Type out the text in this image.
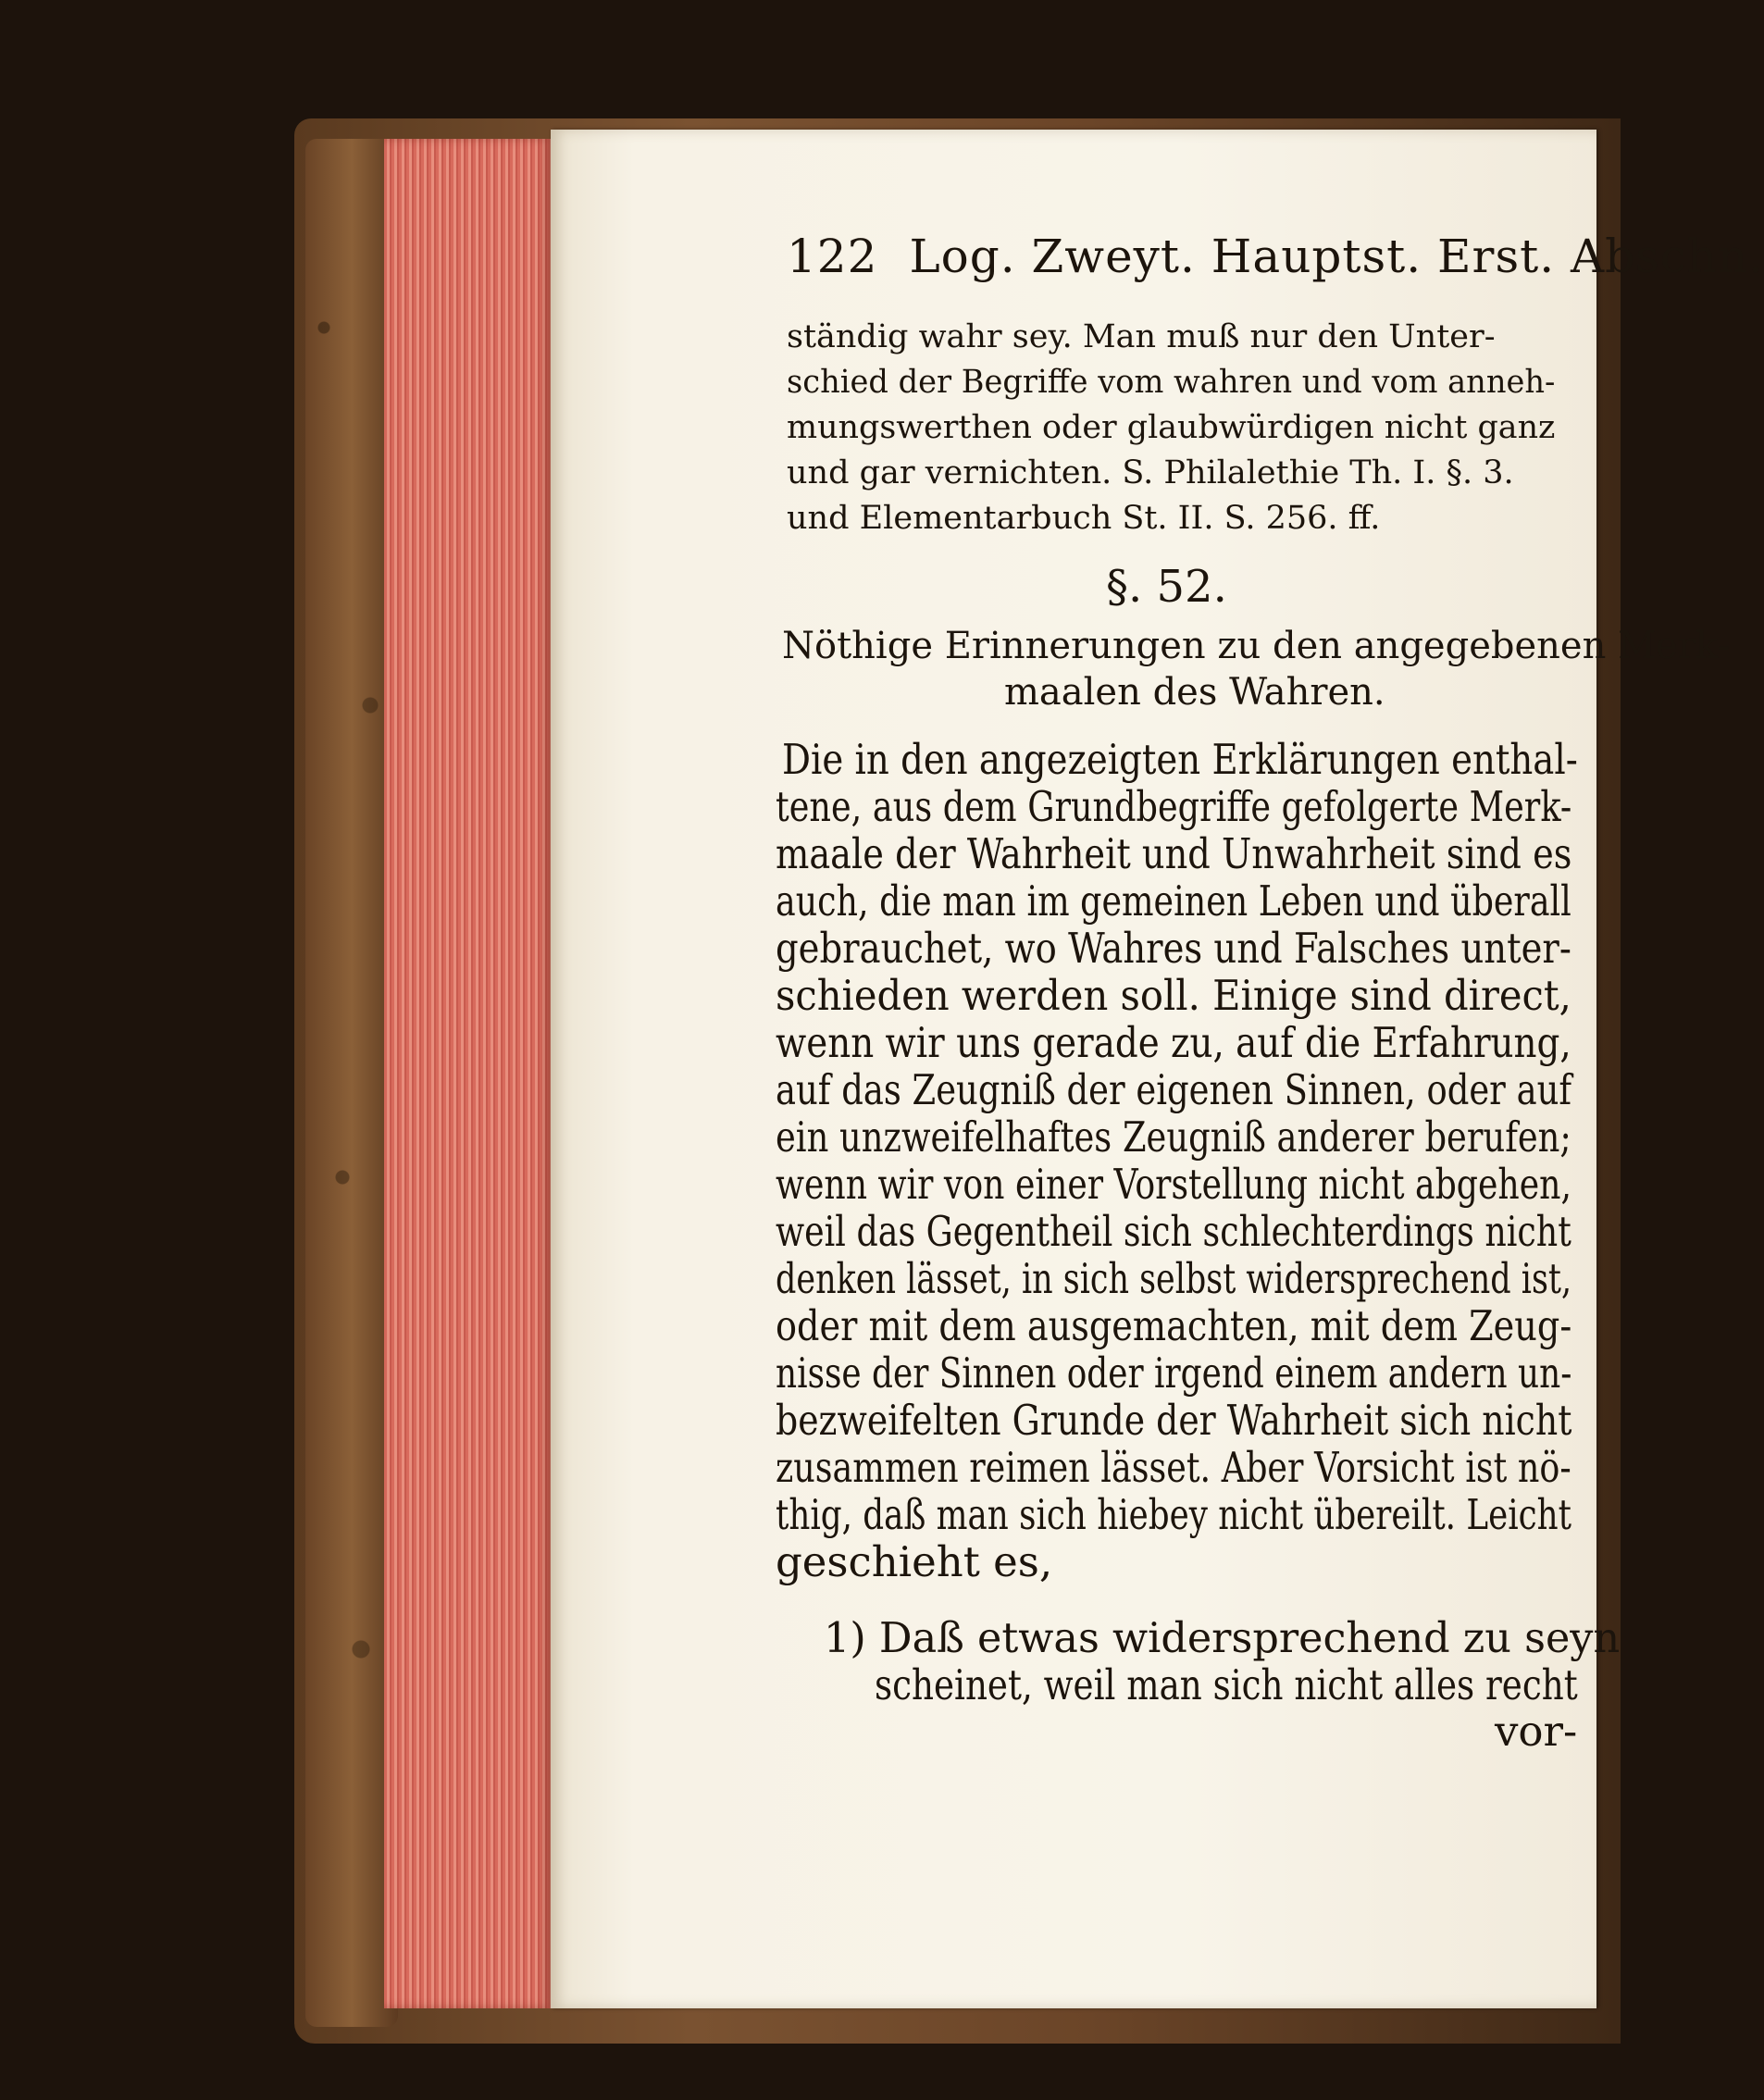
122 Log. Zweyt. Hauptst. Erst. Abschn.
ständig wahr sey. Man muß nur den Unter-
schied der Begriffe vom wahren und vom anneh-
mungswerthen oder glaubwürdigen nicht ganz
und gar vernichten. S. Philalethie Th. I. §. 3.
und Elementarbuch St. II. S. 256. ff.
§. 52.
Nöthige Erinnerungen zu den angegebenen Merk-
maalen des Wahren.
Die in den angezeigten Erklärungen enthal-
tene, aus dem Grundbegriffe gefolgerte Merk-
maale der Wahrheit und Unwahrheit sind es
auch, die man im gemeinen Leben und überall
gebrauchet, wo Wahres und Falsches unter-
schieden werden soll. Einige sind direct,
wenn wir uns gerade zu, auf die Erfahrung,
auf das Zeugniß der eigenen Sinnen, oder auf
ein unzweifelhaftes Zeugniß anderer berufen;
wenn wir von einer Vorstellung nicht abgehen,
weil das Gegentheil sich schlechterdings nicht
denken lässet, in sich selbst widersprechend ist,
oder mit dem ausgemachten, mit dem Zeug-
nisse der Sinnen oder irgend einem andern un-
bezweifelten Grunde der Wahrheit sich nicht
zusammen reimen lässet. Aber Vorsicht ist nö-
thig, daß man sich hiebey nicht übereilt. Leicht
geschieht es,
1) Daß etwas widersprechend zu seyn
scheinet, weil man sich nicht alles recht
vor-
